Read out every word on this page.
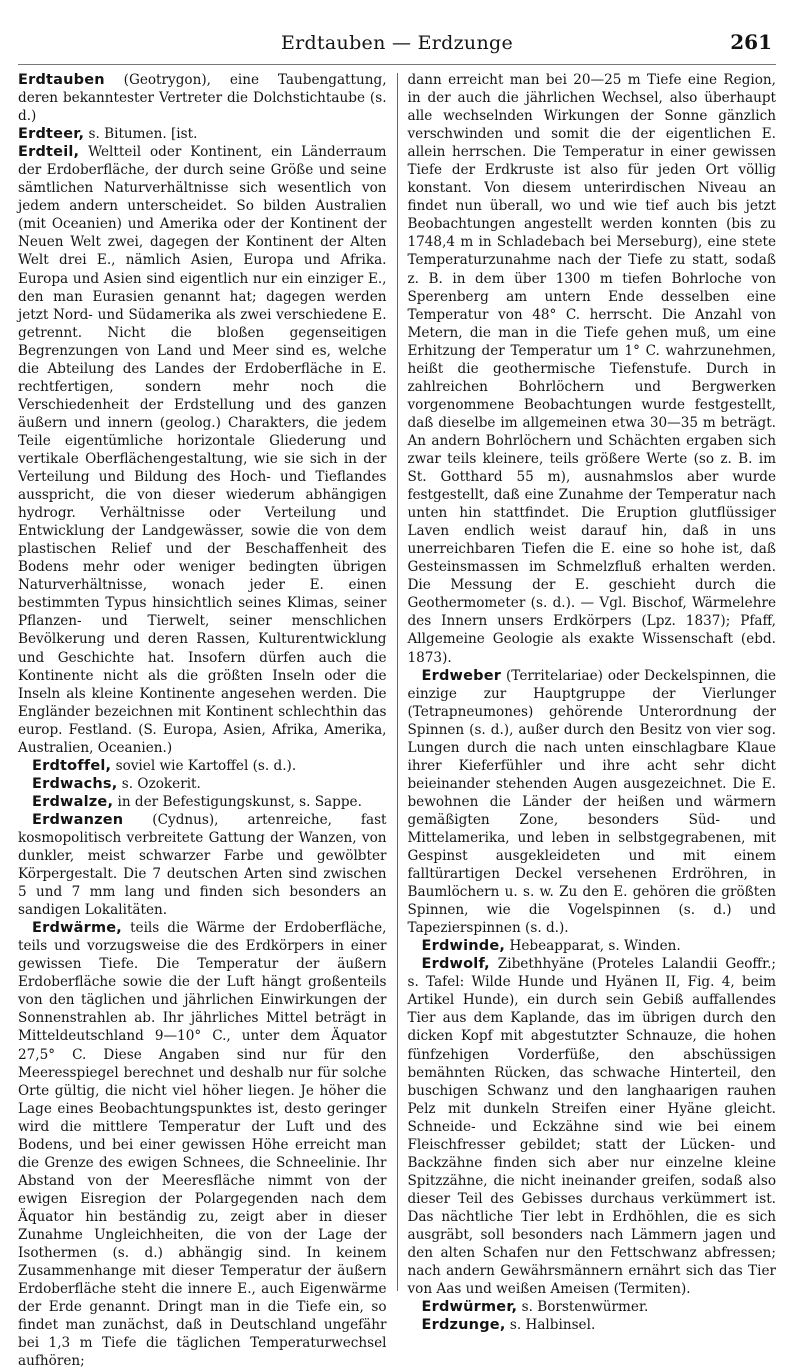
Erdtauben — Erdzunge	261

Erdtauben (Geotrygon), eine Taubengattung, deren bekanntester Vertreter die Dolchstichtaube (s. d.)

Erdteer, s. Bitumen. [ist.

Erdteil, Weltteil oder Kontinent, ein Länderraum der Erdoberfläche, der durch seine Größe und seine sämtlichen Naturverhältnisse sich wesentlich von jedem andern unterscheidet. So bilden Australien (mit Oceanien) und Amerika oder der Kontinent der Neuen Welt zwei, dagegen der Kontinent der Alten Welt drei E., nämlich Asien, Europa und Afrika. Europa und Asien sind eigentlich nur ein einziger E., den man Eurasien genannt hat; dagegen werden jetzt Nord- und Südamerika als zwei verschiedene E. getrennt. Nicht die bloßen gegenseitigen Begrenzungen von Land und Meer sind es, welche die Abteilung des Landes der Erdoberfläche in E. rechtfertigen, sondern mehr noch die Verschiedenheit der Erdstellung und des ganzen äußern und innern (geolog.) Charakters, die jedem Teile eigentümliche horizontale Gliederung und vertikale Oberflächengestaltung, wie sie sich in der Verteilung und Bildung des Hoch- und Tieflandes ausspricht, die von dieser wiederum abhängigen hydrogr. Verhältnisse oder Verteilung und Entwicklung der Landgewässer, sowie die von dem plastischen Relief und der Beschaffenheit des Bodens mehr oder weniger bedingten übrigen Naturverhältnisse, wonach jeder E. einen bestimmten Typus hinsichtlich seines Klimas, seiner Pflanzen- und Tierwelt, seiner menschlichen Bevölkerung und deren Rassen, Kulturentwicklung und Geschichte hat. Insofern dürfen auch die Kontinente nicht als die größten Inseln oder die Inseln als kleine Kontinente angesehen werden. Die Engländer bezeichnen mit Kontinent schlechthin das europ. Festland. (S. Europa, Asien, Afrika, Amerika, Australien, Oceanien.)

Erdtoffel, soviel wie Kartoffel (s. d.).

Erdwachs, s. Ozokerit.

Erdwalze, in der Befestigungskunst, s. Sappe.

Erdwanzen (Cydnus), artenreiche, fast kosmopolitisch verbreitete Gattung der Wanzen, von dunkler, meist schwarzer Farbe und gewölbter Körpergestalt. Die 7 deutschen Arten sind zwischen 5 und 7 mm lang und finden sich besonders an sandigen Lokalitäten.

Erdwärme, teils die Wärme der Erdoberfläche, teils und vorzugsweise die des Erdkörpers in einer gewissen Tiefe. Die Temperatur der äußern Erdoberfläche sowie die der Luft hängt großenteils von den täglichen und jährlichen Einwirkungen der Sonnenstrahlen ab. Ihr jährliches Mittel beträgt in Mitteldeutschland 9—10° C., unter dem Äquator 27,5° C. Diese Angaben sind nur für den Meeresspiegel berechnet und deshalb nur für solche Orte gültig, die nicht viel höher liegen. Je höher die Lage eines Beobachtungspunktes ist, desto geringer wird die mittlere Temperatur der Luft und des Bodens, und bei einer gewissen Höhe erreicht man die Grenze des ewigen Schnees, die Schneelinie. Ihr Abstand von der Meeresfläche nimmt von der ewigen Eisregion der Polargegenden nach dem Äquator hin beständig zu, zeigt aber in dieser Zunahme Ungleichheiten, die von der Lage der Isothermen (s. d.) abhängig sind. In keinem Zusammenhange mit dieser Temperatur der äußern Erdoberfläche steht die innere E., auch Eigenwärme der Erde genannt. Dringt man in die Tiefe ein, so findet man zunächst, daß in Deutschland ungefähr bei 1,3 m Tiefe die täglichen Temperaturwechsel aufhören;

dann erreicht man bei 20—25 m Tiefe eine Region, in der auch die jährlichen Wechsel, also überhaupt alle wechselnden Wirkungen der Sonne gänzlich verschwinden und somit die der eigentlichen E. allein herrschen. Die Temperatur in einer gewissen Tiefe der Erdkruste ist also für jeden Ort völlig konstant. Von diesem unterirdischen Niveau an findet nun überall, wo und wie tief auch bis jetzt Beobachtungen angestellt werden konnten (bis zu 1748,4 m in Schladebach bei Merseburg), eine stete Temperaturzunahme nach der Tiefe zu statt, sodaß z. B. in dem über 1300 m tiefen Bohrloche von Sperenberg am untern Ende desselben eine Temperatur von 48° C. herrscht. Die Anzahl von Metern, die man in die Tiefe gehen muß, um eine Erhitzung der Temperatur um 1° C. wahrzunehmen, heißt die geothermische Tiefenstufe. Durch in zahlreichen Bohrlöchern und Bergwerken vorgenommene Beobachtungen wurde festgestellt, daß dieselbe im allgemeinen etwa 30—35 m beträgt. An andern Bohrlöchern und Schächten ergaben sich zwar teils kleinere, teils größere Werte (so z. B. im St. Gotthard 55 m), ausnahmslos aber wurde festgestellt, daß eine Zunahme der Temperatur nach unten hin stattfindet. Die Eruption glutflüssiger Laven endlich weist darauf hin, daß in uns unerreichbaren Tiefen die E. eine so hohe ist, daß Gesteinsmassen im Schmelzfluß erhalten werden. Die Messung der E. geschieht durch die Geothermometer (s. d.). — Vgl. Bischof, Wärmelehre des Innern unsers Erdkörpers (Lpz. 1837); Pfaff, Allgemeine Geologie als exakte Wissenschaft (ebd. 1873).

Erdweber (Territelariae) oder Deckelspinnen, die einzige zur Hauptgruppe der Vierlunger (Tetrapneumones) gehörende Unterordnung der Spinnen (s. d.), außer durch den Besitz von vier sog. Lungen durch die nach unten einschlagbare Klaue ihrer Kieferfühler und ihre acht sehr dicht beieinander stehenden Augen ausgezeichnet. Die E. bewohnen die Länder der heißen und wärmern gemäßigten Zone, besonders Süd- und Mittelamerika, und leben in selbstgegrabenen, mit Gespinst ausgekleideten und mit einem falltürartigen Deckel versehenen Erdröhren, in Baumlöchern u. s. w. Zu den E. gehören die größten Spinnen, wie die Vogelspinnen (s. d.) und Tapezierspinnen (s. d.).

Erdwinde, Hebeapparat, s. Winden.

Erdwolf, Zibethhyäne (Proteles Lalandii Geoffr.; s. Tafel: Wilde Hunde und Hyänen II, Fig. 4, beim Artikel Hunde), ein durch sein Gebiß auffallendes Tier aus dem Kaplande, das im übrigen durch den dicken Kopf mit abgestutzter Schnauze, die hohen fünfzehigen Vorderfüße, den abschüssigen bemähnten Rücken, das schwache Hinterteil, den buschigen Schwanz und den langhaarigen rauhen Pelz mit dunkeln Streifen einer Hyäne gleicht. Schneide- und Eckzähne sind wie bei einem Fleischfresser gebildet; statt der Lücken- und Backzähne finden sich aber nur einzelne kleine Spitzzähne, die nicht ineinander greifen, sodaß also dieser Teil des Gebisses durchaus verkümmert ist. Das nächtliche Tier lebt in Erdhöhlen, die es sich ausgräbt, soll besonders nach Lämmern jagen und den alten Schafen nur den Fettschwanz abfressen; nach andern Gewährsmännern ernährt sich das Tier von Aas und weißen Ameisen (Termiten).

Erdwürmer, s. Borstenwürmer.

Erdzunge, s. Halbinsel.
